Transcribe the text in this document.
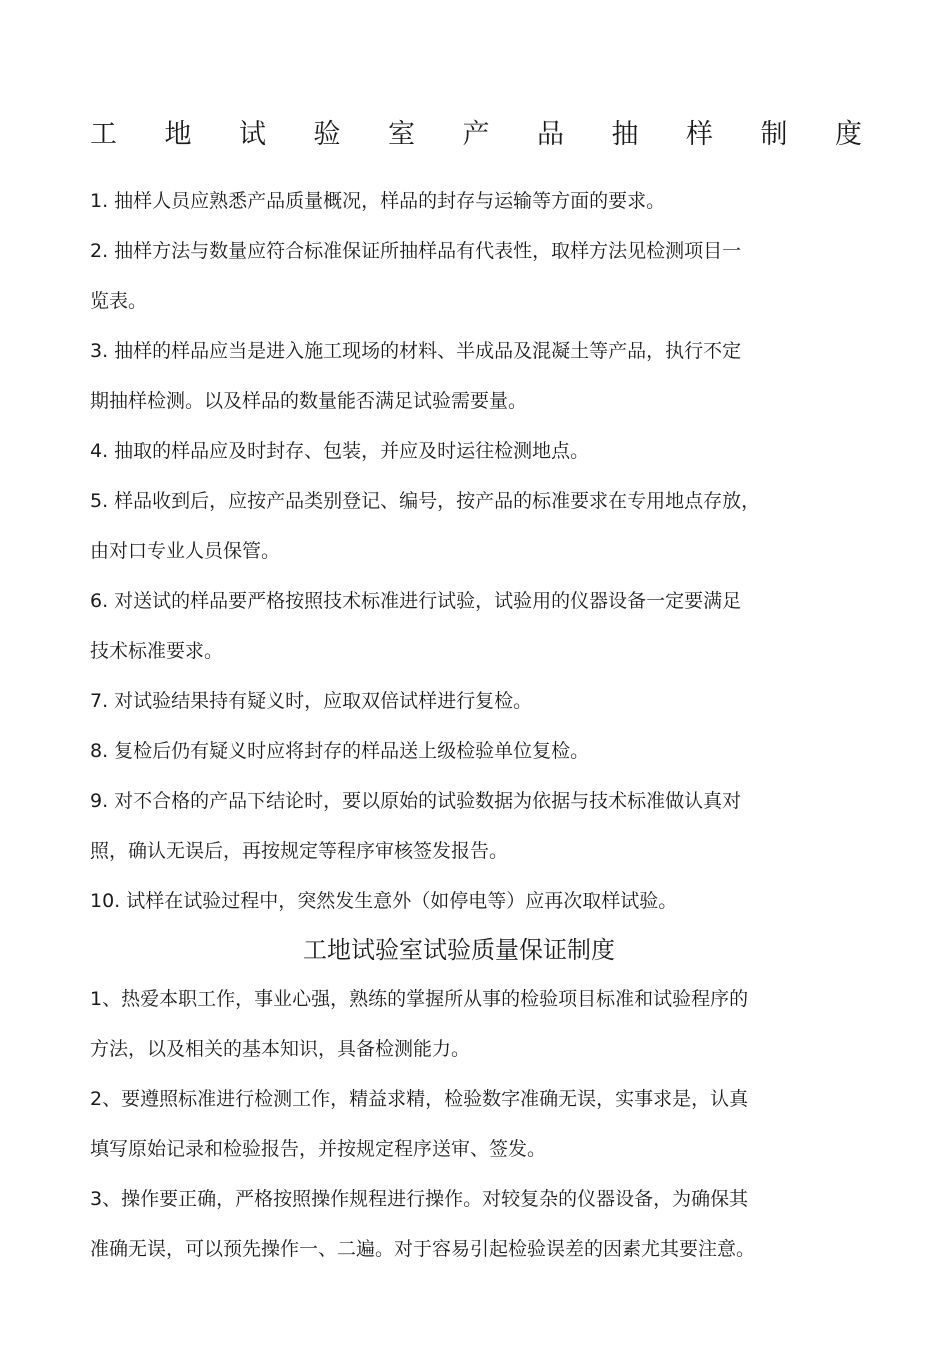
工 地 试 验 室 产 品 抽 样 制 度

1. 抽样人员应熟悉产品质量概况，样品的封存与运输等方面的要求。

2. 抽样方法与数量应符合标准保证所抽样品有代表性，取样方法见检测项目一

览表。

3. 抽样的样品应当是进入施工现场的材料、半成品及混凝土等产品，执行不定

期抽样检测。以及样品的数量能否满足试验需要量。

4. 抽取的样品应及时封存、包装，并应及时运往检测地点。

5. 样品收到后，应按产品类别登记、编号，按产品的标准要求在专用地点存放，

由对口专业人员保管。

6. 对送试的样品要严格按照技术标准进行试验，试验用的仪器设备一定要满足

技术标准要求。

7. 对试验结果持有疑义时，应取双倍试样进行复检。

8. 复检后仍有疑义时应将封存的样品送上级检验单位复检。

9. 对不合格的产品下结论时，要以原始的试验数据为依据与技术标准做认真对

照，确认无误后，再按规定等程序审核签发报告。

10. 试样在试验过程中，突然发生意外（如停电等）应再次取样试验。

工地试验室试验质量保证制度

1、热爱本职工作，事业心强，熟练的掌握所从事的检验项目标准和试验程序的

方法，以及相关的基本知识，具备检测能力。

2、要遵照标准进行检测工作，精益求精，检验数字准确无误，实事求是，认真

填写原始记录和检验报告，并按规定程序送审、签发。

3、操作要正确，严格按照操作规程进行操作。对较复杂的仪器设备，为确保其

准确无误，可以预先操作一、二遍。对于容易引起检验误差的因素尤其要注意。
